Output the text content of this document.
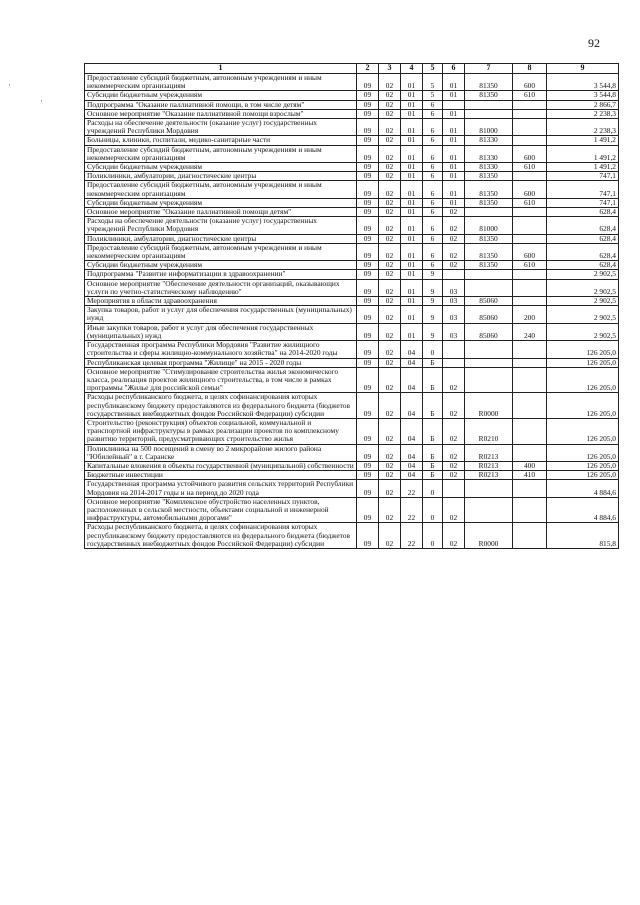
92
·
·
1	2	3	4	5	6	7	8	9
Предоставление субсидий бюджетным, автономным учреждениям и иным некоммерческим организациям	09	02	01	5	01	81350	600	3 544,8
Субсидии бюджетным учреждениям	09	02	01	5	01	81350	610	3 544,8
Подпрограмма "Оказание паллиативной помощи, в том числе детям"	09	02	01	6				2 866,7
Основное мероприятие "Оказание паллиативной помощи взрослым"	09	02	01	6	01			2 238,3
Расходы на обеспечение деятельности (оказание услуг) государственных учреждений Республики Мордовия	09	02	01	6	01	81000		2 238,3
Больницы, клиники, госпитали, медико-санитарные части	09	02	01	6	01	81330		1 491,2
Предоставление субсидий бюджетным, автономным учреждениям и иным некоммерческим организациям	09	02	01	6	01	81330	600	1 491,2
Субсидии бюджетным учреждениям	09	02	01	6	01	81330	610	1 491,2
Поликлиники, амбулатории, диагностические центры	09	02	01	6	01	81350		747,1
Предоставление субсидий бюджетным, автономным учреждениям и иным некоммерческим организациям	09	02	01	6	01	81350	600	747,1
Субсидии бюджетным учреждениям	09	02	01	6	01	81350	610	747,1
Основное мероприятие "Оказание паллиативной помощи детям"	09	02	01	6	02			628,4
Расходы на обеспечение деятельности (оказание услуг) государственных учреждений Республики Мордовия	09	02	01	6	02	81000		628,4
Поликлиники, амбулатории, диагностические центры	09	02	01	6	02	81350		628,4
Предоставление субсидий бюджетным, автономным учреждениям и иным некоммерческим организациям	09	02	01	6	02	81350	600	628,4
Субсидии бюджетным учреждениям	09	02	01	6	02	81350	610	628,4
Подпрограмма "Развитие информатизации в здравоохранении"	09	02	01	9				2 902,5
Основное мероприятие "Обеспечение деятельности организаций, оказывающих услуги по учетно-статистическому наблюдению"	09	02	01	9	03			2 902,5
Мероприятия в области здравоохранения	09	02	01	9	03	85060		2 902,5
Закупка товаров, работ и услуг для обеспечения государственных (муниципальных) нужд	09	02	01	9	03	85060	200	2 902,5
Иные закупки товаров, работ и услуг для обеспечения государственных (муниципальных) нужд	09	02	01	9	03	85060	240	2 902,5
Государственная программа Республики Мордовия "Развитие жилищного строительства и сферы жилищно-коммунального хозяйства" на 2014-2020 годы	09	02	04	0				126 205,0
Республиканская целевая программа "Жилище" на 2015 - 2020 годы	09	02	04	Б				126 205,0
Основное мероприятие "Стимулирование строительства жилья экономического класса, реализация проектов жилищного строительства, в том числе в рамках программы "Жилье для российской семьи"	09	02	04	Б	02			126 205,0
Расходы республиканского бюджета, в целях софинансирования которых республиканскому бюджету предоставляются из федерального бюджета (бюджетов государственных внебюджетных фондов Российской Федерации) субсидии	09	02	04	Б	02	R0000		126 205,0
Строительство (реконструкция) объектов социальной, коммунальной и транспортной инфраструктуры в рамках реализации проектов по комплексному развитию территорий, предусматривающих строительство жилья	09	02	04	Б	02	R0210		126 205,0
Поликлиника на 500 посещений в смену во 2 микрорайоне жилого района "Юбилейный" в г. Саранске	09	02	04	Б	02	R0213		126 205,0
Капитальные вложения в объекты государственной (муниципальной) собственности	09	02	04	Б	02	R0213	400	126 205,0
Бюджетные инвестиции	09	02	04	Б	02	R0213	410	126 205,0
Государственная программа устойчивого развития сельских территорий Республики Мордовия на 2014-2017 годы и на период до 2020 года	09	02	22	0				4 884,6
Основное мероприятие "Комплексное обустройство населенных пунктов, расположенных в сельской местности, объектами социальной и инженерной инфраструктуры, автомобильными дорогами"	09	02	22	0	02			4 884,6
Расходы республиканского бюджета, в целях софинансирования которых республиканскому бюджету предоставляются из федерального бюджета (бюджетов государственных внебюджетных фондов Российской Федерации) субсидии	09	02	22	0	02	R0000		815,8
